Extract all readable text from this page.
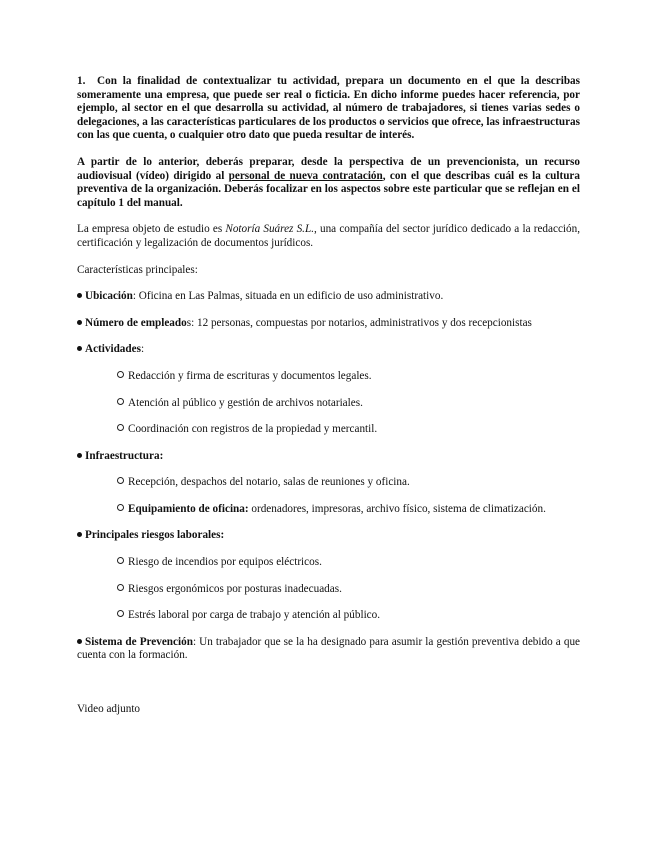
1. Con la finalidad de contextualizar tu actividad, prepara un documento en el que la describas someramente una empresa, que puede ser real o ficticia. En dicho informe puedes hacer referencia, por ejemplo, al sector en el que desarrolla su actividad, al número de trabajadores, si tienes varias sedes o delegaciones, a las características particulares de los productos o servicios que ofrece, las infraestructuras con las que cuenta, o cualquier otro dato que pueda resultar de interés.

A partir de lo anterior, deberás preparar, desde la perspectiva de un prevencionista, un recurso audiovisual (vídeo) dirigido al personal de nueva contratación, con el que describas cuál es la cultura preventiva de la organización. Deberás focalizar en los aspectos sobre este particular que se reflejan en el capítulo 1 del manual.

La empresa objeto de estudio es Notoría Suárez S.L., una compañía del sector jurídico dedicado a la redacción, certificación y legalización de documentos jurídicos.

Características principales:

Ubicación: Oficina en Las Palmas, situada en un edificio de uso administrativo.

Número de empleados: 12 personas, compuestas por notarios, administrativos y dos recepcionistas

Actividades:

Redacción y firma de escrituras y documentos legales.

Atención al público y gestión de archivos notariales.

Coordinación con registros de la propiedad y mercantil.

Infraestructura:

Recepción, despachos del notario, salas de reuniones y oficina.

Equipamiento de oficina: ordenadores, impresoras, archivo físico, sistema de climatización.

Principales riesgos laborales:

Riesgo de incendios por equipos eléctricos.

Riesgos ergonómicos por posturas inadecuadas.

Estrés laboral por carga de trabajo y atención al público.

Sistema de Prevención: Un trabajador que se la ha designado para asumir la gestión preventiva debido a que cuenta con la formación.

Video adjunto
